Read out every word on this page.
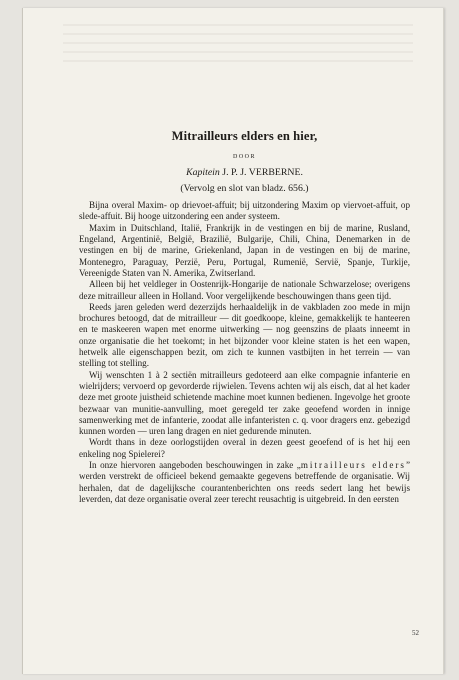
Mitrailleurs elders en hier,
DOOR
Kapitein J. P. J. VERBERNE.
(Vervolg en slot van bladz. 656.)

Bijna overal Maxim- op drievoet-affuit; bij uitzondering Maxim op viervoet-affuit, op slede-affuit. Bij hooge uitzondering een ander systeem.

Maxim in Duitschland, Italië, Frankrijk in de vestingen en bij de marine, Rusland, Engeland, Argentinië, België, Brazilië, Bulgarije, Chili, China, Denemarken in de vestingen en bij de marine, Griekenland, Japan in de vestingen en bij de marine, Montenegro, Paraguay, Perzië, Peru, Portugal, Rumenië, Servië, Spanje, Turkije, Vereenigde Staten van N. Amerika, Zwitserland.

Alleen bij het veldleger in Oostenrijk-Hongarije de nationale Schwarzelose; overigens deze mitrailleur alleen in Holland. Voor vergelijkende beschouwingen thans geen tijd.

Reeds jaren geleden werd dezerzijds herhaaldelijk in de vakbladen zoo mede in mijn brochures betoogd, dat de mitrailleur — dit goedkoope, kleine, gemakkelijk te hanteeren en te maskeeren wapen met enorme uitwerking — nog geenszins de plaats inneemt in onze organisatie die het toekomt; in het bijzonder voor kleine staten is het een wapen, hetwelk alle eigenschappen bezit, om zich te kunnen vastbijten in het terrein — van stelling tot stelling.

Wij wenschten 1 à 2 sectiën mitrailleurs gedoteerd aan elke compagnie infanterie en wielrijders; vervoerd op gevorderde rijwielen. Tevens achten wij als eisch, dat al het kader deze met groote juistheid schietende machine moet kunnen bedienen. Ingevolge het groote bezwaar van munitie-aanvulling, moet geregeld ter zake geoefend worden in innige samenwerking met de infanterie, zoodat alle infanteristen c. q. voor dragers enz. gebezigd kunnen worden — uren lang dragen en niet gedurende minuten.

Wordt thans in deze oorlogstijden overal in dezen geest geoefend of is het hij een enkeling nog Spielerei?

In onze hiervoren aangeboden beschouwingen in zake „mitrailleurs elders” werden verstrekt de officieel bekend gemaakte gegevens betreffende de organisatie. Wij herhalen, dat de dagelijksche courantenberichten ons reeds sedert lang het bewijs leverden, dat deze organisatie overal zeer terecht reusachtig is uitgebreid. In den eersten

52
